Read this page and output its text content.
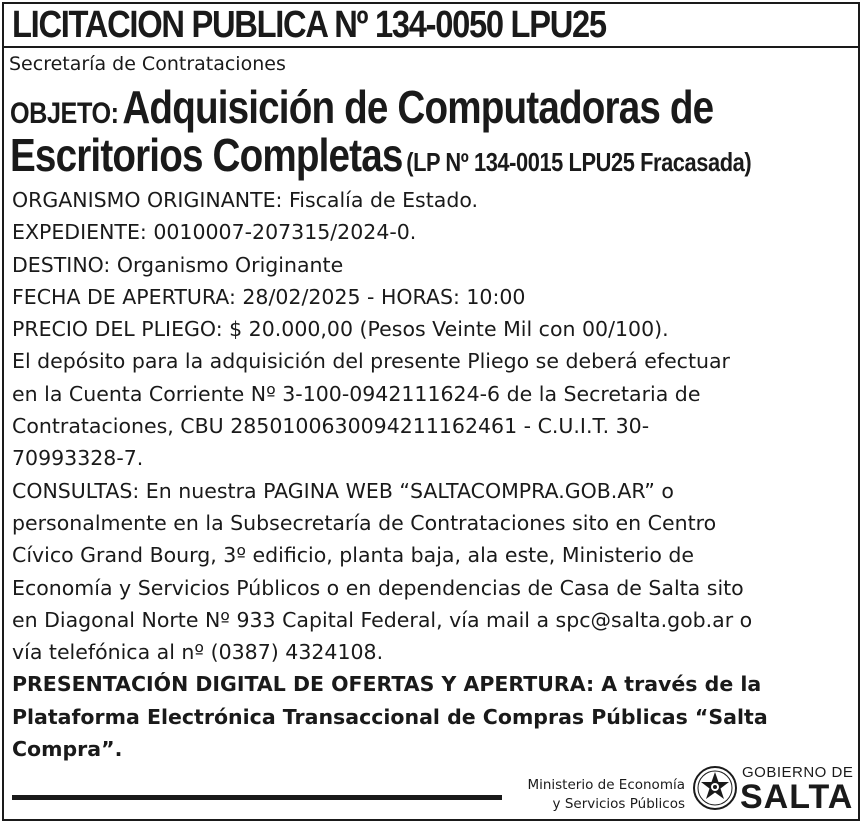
LICITACION PUBLICA Nº 134-0050 LPU25
Secretaría de Contrataciones
OBJETO: Adquisición de Computadoras de
Escritorios Completas (LP Nº 134-0015 LPU25 Fracasada)
ORGANISMO ORIGINANTE: Fiscalía de Estado.
EXPEDIENTE: 0010007-207315/2024-0.
DESTINO: Organismo Originante
FECHA DE APERTURA: 28/02/2025 - HORAS: 10:00
PRECIO DEL PLIEGO: $ 20.000,00 (Pesos Veinte Mil con 00/100).
El depósito para la adquisición del presente Pliego se deberá efectuar
en la Cuenta Corriente Nº 3-100-0942111624-6 de la Secretaria de
Contrataciones, CBU 2850100630094211162461 - C.U.I.T. 30-
70993328-7.
CONSULTAS: En nuestra PAGINA WEB “SALTACOMPRA.GOB.AR” o
personalmente en la Subsecretaría de Contrataciones sito en Centro
Cívico Grand Bourg, 3º edificio, planta baja, ala este, Ministerio de
Economía y Servicios Públicos o en dependencias de Casa de Salta sito
en Diagonal Norte Nº 933 Capital Federal, vía mail a spc@salta.gob.ar o
vía telefónica al nº (0387) 4324108.
PRESENTACIÓN DIGITAL DE OFERTAS Y APERTURA: A través de la
Plataforma Electrónica Transaccional de Compras Públicas “Salta
Compra”.
Ministerio de Economía
y Servicios Públicos
GOBIERNO DE
SALTA
